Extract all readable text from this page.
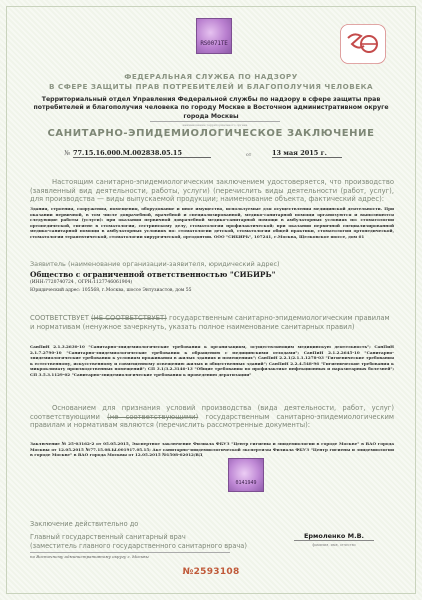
RS0071ТЕ
ФЕДЕРАЛЬНАЯ СЛУЖБА ПО НАДЗОРУ
В СФЕРЕ ЗАЩИТЫ ПРАВ ПОТРЕБИТЕЛЕЙ И БЛАГОПОЛУЧИЯ ЧЕЛОВЕКА
Территориальный отдел Управления Федеральной службы по надзору в сфере защиты прав потребителей и благополучия человека по городу Москве в Восточном административном округе города Москвы
наименование территориального органа
САНИТАРНО-ЭПИДЕМИОЛОГИЧЕСКОЕ ЗАКЛЮЧЕНИЕ
№ 77.15.16.000.М.002838.05.15	от	13 мая 2015 г.
Настоящим санитарно-эпидемиологическим заключением удостоверяется, что производство (заявленный вид деятельности, работы, услуги) (перечислить виды деятельности (работ, услуг), для производства — виды выпускаемой продукции; наименование объекта, фактический адрес):
Здания, строения, сооружения, помещения, оборудование и иное имущество, используемые для осуществления медицинской деятельности. При оказании первичной, в том числе доврачебной, врачебной и специализированной, медико-санитарной помощи организуются и выполняются следующие работы (услуги): при оказании первичной доврачебной медико-санитарной помощи в амбулаторных условиях по: стоматологии ортопедической, гигиене в стоматологии, сестринскому делу, стоматологии профилактической; при оказании первичной специализированной медико-санитарной помощи в амбулаторных условиях по: стоматологии детской, стоматологии общей практики, стоматологии ортопедической, стоматологии терапевтической, стоматологии хирургической, ортодонтии. ООО "СИБИРЬ", 107241, г.Москва, Щелковское шоссе, дом 61
Заявитель (наименование организации-заявителя, юридический адрес)
Общество с ограниченной ответственностью "СИБИРЬ"
(ИНН:7720740724 , ОГРН:1127746061904)
Юридический адрес: 105568, г.Москва, шоссе Энтузиастов, дом 55
СООТВЕТСТВУЕТ (НЕ СООТВЕТСТВУЕТ) государственным санитарно-эпидемиологическим правилам и нормативам (ненужное зачеркнуть, указать полное наименование санитарных правил)
СанПиН 2.1.3.2630-10 "Санитарно-эпидемиологические требования к организациям, осуществляющим медицинскую деятельность"; СанПиН 2.1.7.2790-10 "Санитарно-эпидемиологические требования к обращению с медицинскими отходами"; СанПиН 2.1.2.2645-10 "Санитарно-эпидемиологические требования к условиям проживания в жилых зданиях и помещениях"; СанПиН 2.2.1/2.1.1.1278-03 "Гигиенические требования к естественному, искусственному и совмещенному освещению жилых и общественных зданий"; СанПиН 2.2.4.548-96 "Гигиенические требования к микроклимату производственных помещений"; СП 3.1/3.2.3146-13 "Общие требования по профилактике инфекционных и паразитарных болезней"; СП 3.5.3.1129-02 "Санитарно-эпидемиологические требования к проведению дератизации"
Основанием для признания условий производства (вида деятельности, работ, услуг) соответствующими (не соответствующими) государственным санитарно-эпидемиологическим правилам и нормативам являются (перечислить рассмотренные документы):
Заключение № 25-03162-2 от 05.05.2015, Экспертное заключение Филиала ФБУЗ "Центр гигиены и эпидемиологии в городе Москве" в ВАО города Москвы от 12.05.2015 №77.15.08.Ы.001917.05.15; Акт санитарно-эпидемиологической экспертизы Филиала ФБУЗ "Центр гигиены и эпидемиологии в городе Москве" в ВАО города Москвы от 12.05.2015 №1508-02012/ВД
0141949
Заключение действительно до
Главный государственный санитарный врач
(заместитель главного государственного санитарного врача)
по Восточному административному округу г. Москвы
Ермоленко М.В.
фамилия, имя, отчество
№2593108
